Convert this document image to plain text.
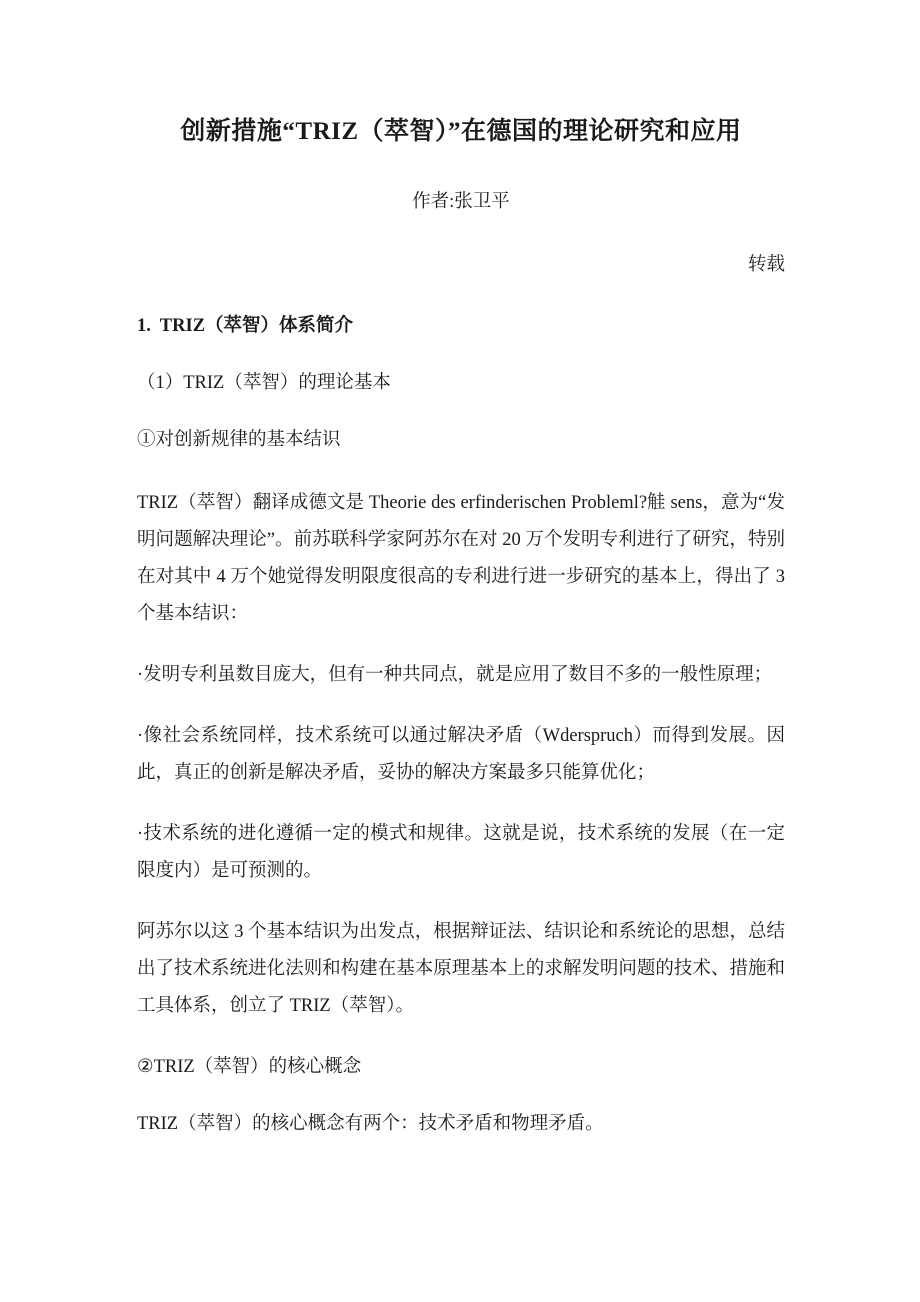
创新措施“TRIZ（萃智）”在德国的理论研究和应用

作者:张卫平

转载

1.  TRIZ（萃智）体系简介

（1）TRIZ（萃智）的理论基本

①对创新规律的基本结识

TRIZ（萃智）翻译成德文是 Theorie des erfinderischen Probleml?觟 sens，意为“发明问题解决理论”。前苏联科学家阿苏尔在对 20 万个发明专利进行了研究，特别在对其中 4 万个她觉得发明限度很高的专利进行进一步研究的基本上，得出了 3 个基本结识：

·发明专利虽数目庞大，但有一种共同点，就是应用了数目不多的一般性原理；

·像社会系统同样，技术系统可以通过解决矛盾（Wderspruch）而得到发展。因此，真正的创新是解决矛盾，妥协的解决方案最多只能算优化；

·技术系统的进化遵循一定的模式和规律。这就是说，技术系统的发展（在一定限度内）是可预测的。

阿苏尔以这 3 个基本结识为出发点，根据辩证法、结识论和系统论的思想，总结出了技术系统进化法则和构建在基本原理基本上的求解发明问题的技术、措施和工具体系，创立了 TRIZ（萃智）。

②TRIZ（萃智）的核心概念

TRIZ（萃智）的核心概念有两个：技术矛盾和物理矛盾。
